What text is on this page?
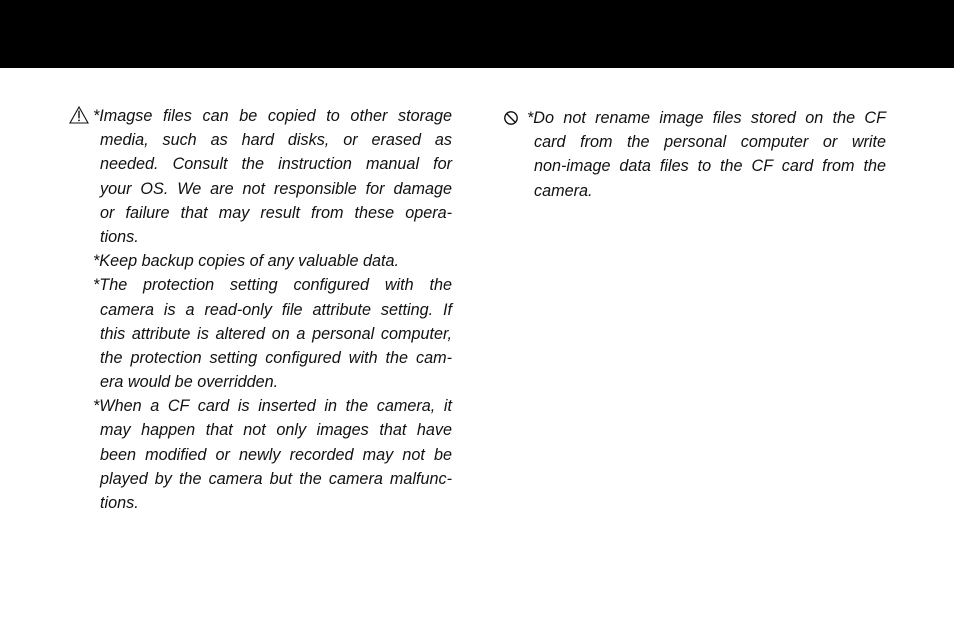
*Imagse files can be copied to other storage
media, such as hard disks, or erased as
needed. Consult the instruction manual for
your OS. We are not responsible for damage
or failure that may result from these opera-
tions.
*Keep backup copies of any valuable data.
*The protection setting configured with the
camera is a read-only file attribute setting. If
this attribute is altered on a personal computer,
the protection setting configured with the cam-
era would be overridden.
*When a CF card is inserted in the camera, it
may happen that not only images that have
been modified or newly recorded may not be
played by the camera but the camera malfunc-
tions.
*Do not rename image files stored on the CF
card from the personal computer or write
non-image data files to the CF card from the
camera.
